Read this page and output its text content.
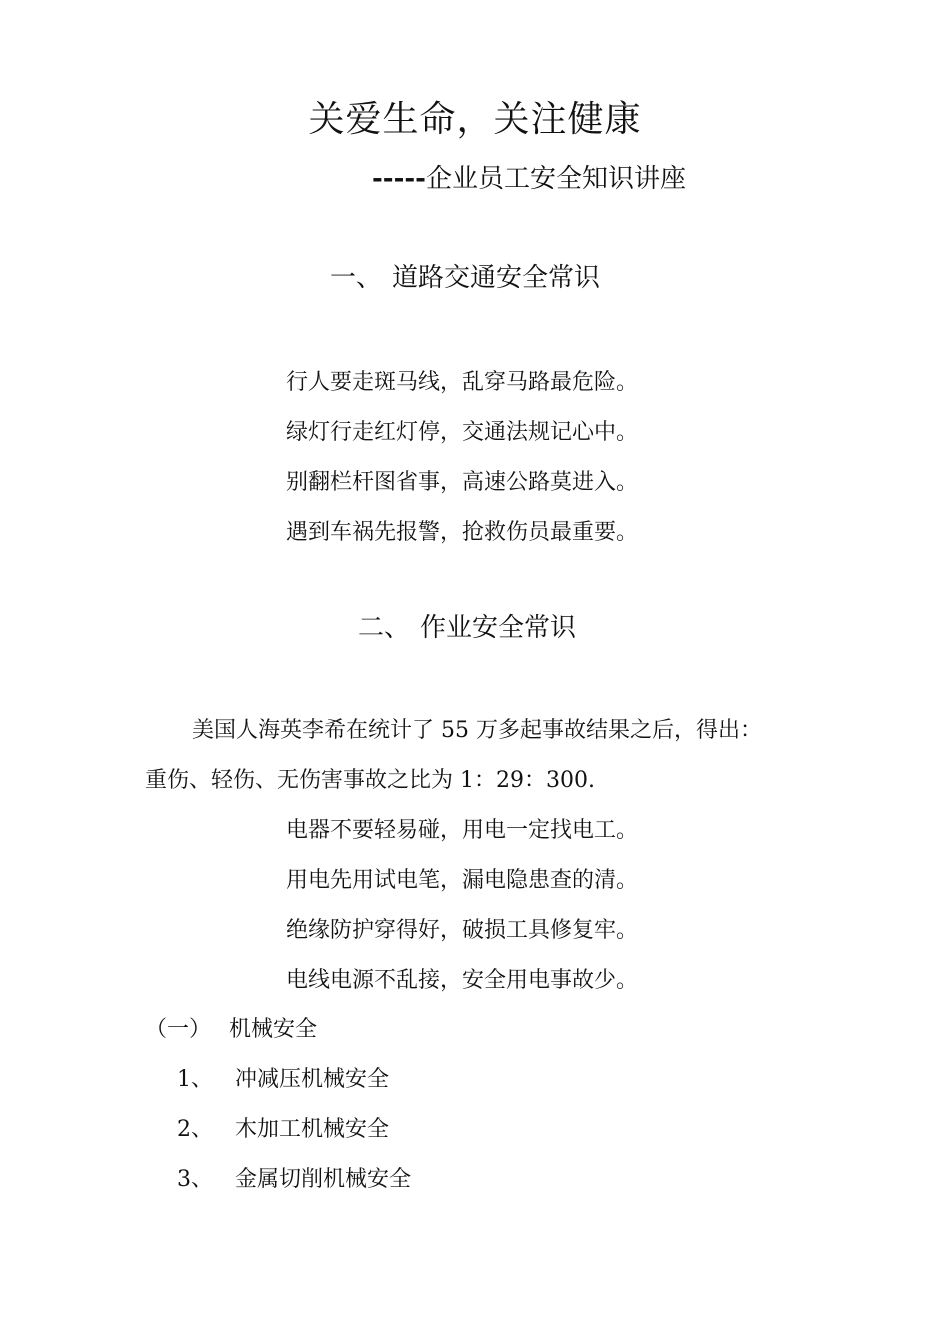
关爱生命，关注健康
-----企业员工安全知识讲座
一、 道路交通安全常识
行人要走斑马线，乱穿马路最危险。
绿灯行走红灯停，交通法规记心中。
别翻栏杆图省事，高速公路莫进入。
遇到车祸先报警，抢救伤员最重要。
二、 作业安全常识
美国人海英李希在统计了 55 万多起事故结果之后，得出：
重伤、轻伤、无伤害事故之比为 1：29：300.
电器不要轻易碰，用电一定找电工。
用电先用试电笔，漏电隐患查的清。
绝缘防护穿得好，破损工具修复牢。
电线电源不乱接，安全用电事故少。
（一） 机械安全
1、 冲减压机械安全
2、 木加工机械安全
3、 金属切削机械安全
